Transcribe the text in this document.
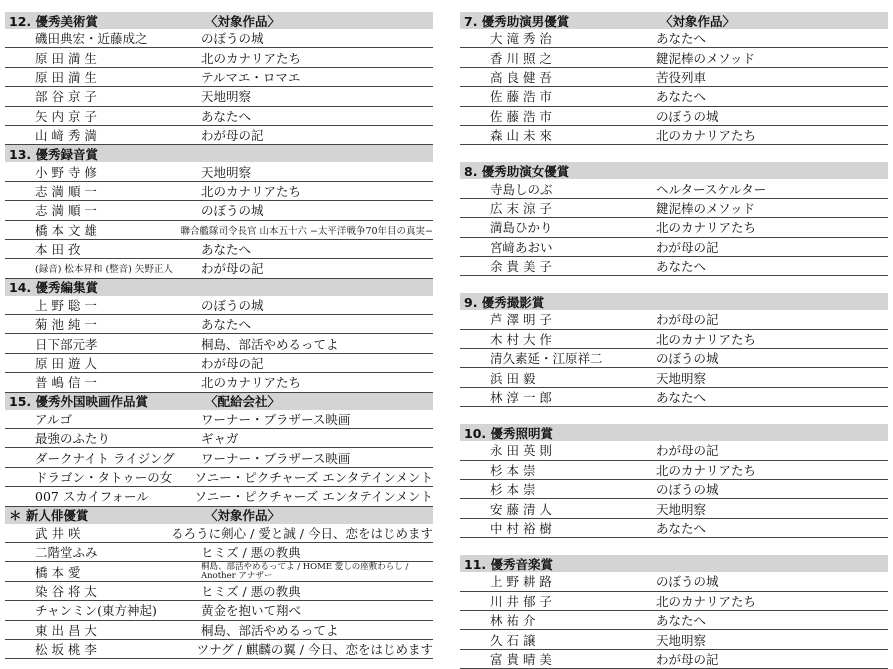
12. 優秀美術賞	〈対象作品〉
磯田典宏・近藤成之	のぼうの城
原 田 満 生	北のカナリアたち
原 田 満 生	テルマエ・ロマエ
部 谷 京 子	天地明察
矢 内 京 子	あなたへ
山 﨑 秀 満	わが母の記
13. 優秀録音賞
小 野 寺 修	天地明察
志 満 順 一	北のカナリアたち
志 満 順 一	のぼうの城
橋 本 文 雄	聯合艦隊司令長官 山本五十六 −太平洋戦争70年目の真実−
本 田 孜	あなたへ
(録音) 松本昇和 (整音) 矢野正人	わが母の記
14. 優秀編集賞
上 野 聡 一	のぼうの城
菊 池 純 一	あなたへ
日下部元孝	桐島、部活やめるってよ
原 田 遊 人	わが母の記
普 嶋 信 一	北のカナリアたち
15. 優秀外国映画作品賞	〈配給会社〉
アルゴ	ワーナー・ブラザース映画
最強のふたり	ギャガ
ダークナイト ライジング	ワーナー・ブラザース映画
ドラゴン・タトゥーの女	ソニー・ピクチャーズ エンタテインメント
007 スカイフォール	ソニー・ピクチャーズ エンタテインメント
＊ 新人俳優賞	〈対象作品〉
武 井 咲	るろうに剣心 / 愛と誠 / 今日、恋をはじめます
二階堂ふみ	ヒミズ / 悪の教典
橋 本 愛	桐島、部活やめるってよ / HOME 愛しの座敷わらし / Another アナザー
染 谷 将 太	ヒミズ / 悪の教典
チャンミン(東方神起)	黄金を抱いて翔べ
東 出 昌 大	桐島、部活やめるってよ
松 坂 桃 李	ツナグ / 麒麟の翼 / 今日、恋をはじめます
7. 優秀助演男優賞	〈対象作品〉
大 滝 秀 治	あなたへ
香 川 照 之	鍵泥棒のメソッド
高 良 健 吾	苦役列車
佐 藤 浩 市	あなたへ
佐 藤 浩 市	のぼうの城
森 山 未 來	北のカナリアたち
8. 優秀助演女優賞
寺島しのぶ	ヘルタースケルター
広 末 涼 子	鍵泥棒のメソッド
満島ひかり	北のカナリアたち
宮﨑あおい	わが母の記
余 貴 美 子	あなたへ
9. 優秀撮影賞
芦 澤 明 子	わが母の記
木 村 大 作	北のカナリアたち
清久素延・江原祥二	のぼうの城
浜 田 毅	天地明察
林 淳 一 郎	あなたへ
10. 優秀照明賞
永 田 英 則	わが母の記
杉 本 崇	北のカナリアたち
杉 本 崇	のぼうの城
安 藤 清 人	天地明察
中 村 裕 樹	あなたへ
11. 優秀音楽賞
上 野 耕 路	のぼうの城
川 井 郁 子	北のカナリアたち
林 祐 介	あなたへ
久 石 譲	天地明察
富 貴 晴 美	わが母の記
